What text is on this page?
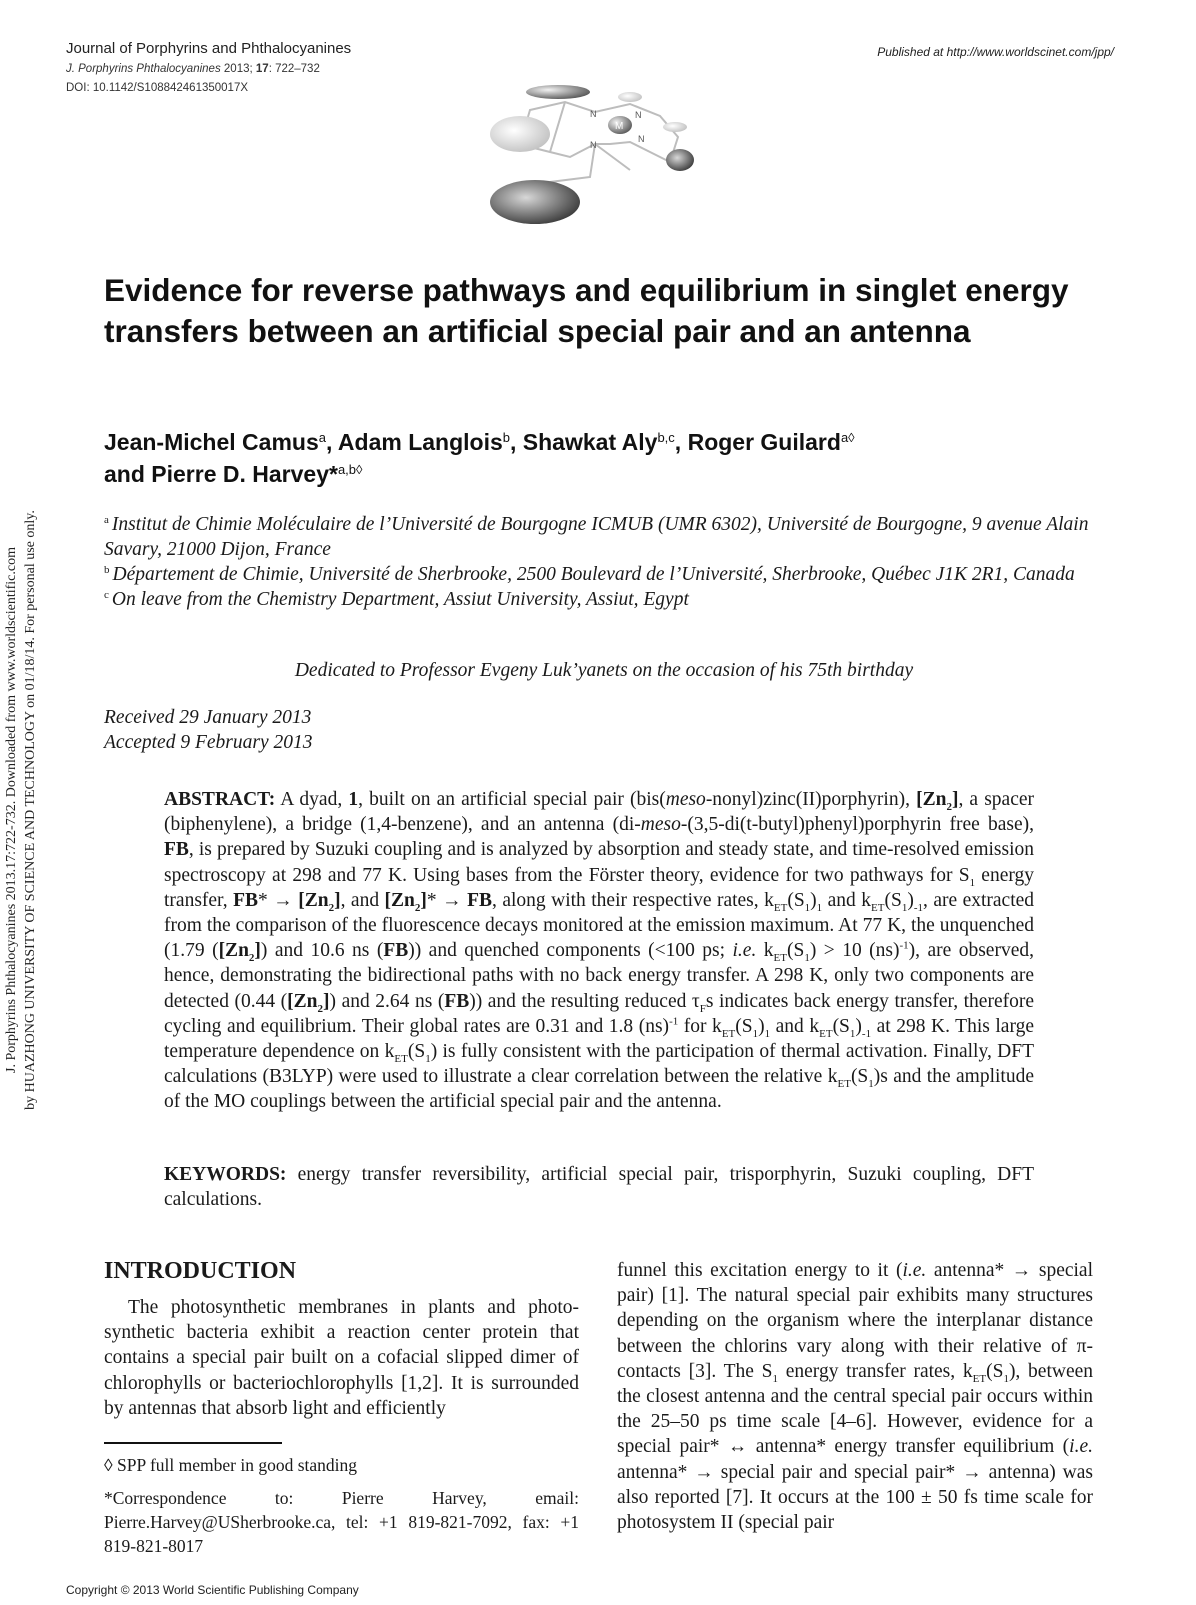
Journal of Porphyrins and Phthalocyanines
J. Porphyrins Phthalocyanines 2013; 17: 722–732
DOI: 10.1142/S108842461350017X
Published at http://www.worldscinet.com/jpp/
M
N	N
N
N
J. Porphyrins Phthalocyanines 2013.17:722-732. Downloaded from www.worldscientific.com by HUAZHONG UNIVERSITY OF SCIENCE AND TECHNOLOGY on 01/18/14. For personal use only.
Evidence for reverse pathways and equilibrium in singlet energy transfers between an artificial special pair and an antenna
Jean-Michel Camus$^a$, Adam Langlois$^b$, Shawkat Aly$^{b,c}$, Roger Guilard$^{a◊}$
and Pierre D. Harvey*$^{a,b◊}$
$^a$ Institut de Chimie Moléculaire de l’Université de Bourgogne ICMUB (UMR 6302), Université de Bourgogne, 9 avenue Alain Savary, 21000 Dijon, France
$^b$ Département de Chimie, Université de Sherbrooke, 2500 Boulevard de l’Université, Sherbrooke, Québec J1K 2R1, Canada
$^c$ On leave from the Chemistry Department, Assiut University, Assiut, Egypt
Dedicated to Professor Evgeny Luk’yanets on the occasion of his 75th birthday
Received 29 January 2013
Accepted 9 February 2013
ABSTRACT: A dyad, 1, built on an artificial special pair (bis(meso-nonyl)zinc(II)porphyrin), $[Zn_2]$, a spacer (biphenylene), a bridge (1,4-benzene), and an antenna (di-meso-(3,5-di(t-butyl)phenyl)porphyrin free base), FB, is prepared by Suzuki coupling and is analyzed by absorption and steady state, and time-resolved emission spectroscopy at 298 and 77 K. Using bases from the Förster theory, evidence for two pathways for $S_1$ energy transfer, $FB* \to [Zn_2]$, and $[Zn_2]*$ → FB, along with their respective rates, $k_{ET}(S_1)_1$ and $k_{ET}(S_1)_{-1}$, are extracted from the comparison of the fluorescence decays monitored at the emission maximum. At 77 K, the unquenched (1.79 $([Zn_2])$ and 10.6 ns (FB)) and quenched components (<100 ps; i.e. $k_{ET}(S_1) > 10$ (ns)$^{-1}$), are observed, hence, demonstrating the bidirectional paths with no back energy transfer. A 298 K, only two components are detected (0.44 $([Zn_2])$ and 2.64 ns (FB)) and the resulting reduced $\tau_Fs$ indicates back energy transfer, therefore cycling and equilibrium. Their global rates are 0.31 and 1.8 (ns)$^{-1}$ for $k_{ET}(S_1)_1$ and $k_{ET}(S_1)_{-1}$ at 298 K. This large temperature dependence on $k_{ET}(S_1)$ is fully consistent with the participation of thermal activation. Finally, DFT calculations (B3LYP) were used to illustrate a clear correlation between the relative $k_{ET}(S_1)s$ and the amplitude of the MO couplings between the artificial special pair and the antenna.
KEYWORDS: energy transfer reversibility, artificial special pair, trisporphyrin, Suzuki coupling, DFT calculations.
INTRODUCTION

The photosynthetic membranes in plants and photosynthetic bacteria exhibit a reaction center protein that contains a special pair built on a cofacial slipped dimer of chlorophylls or bacteriochlorophylls [1,2]. It is surrounded by antennas that absorb light and efficiently

◊ SPP full member in good standing
*Correspondence to: Pierre Harvey, email: Pierre.Harvey@USherbrooke.ca, tel: +1 819-821-7092, fax: +1 819-821-8017
funnel this excitation energy to it (i.e. antenna* → special pair) [1]. The natural special pair exhibits many structures depending on the organism where the interplanar distance between the chlorins vary along with their relative of π-contacts [3]. The $S_1$ energy transfer rates, $k_{ET}(S_1)$, between the closest antenna and the central special pair occurs within the 25–50 ps time scale [4–6]. However, evidence for a special pair* ↔ antenna* energy transfer equilibrium (i.e. antenna* → special pair and special pair* → antenna) was also reported [7]. It occurs at the 100 ± 50 fs time scale for photosystem II (special pair
Copyright © 2013 World Scientific Publishing Company
